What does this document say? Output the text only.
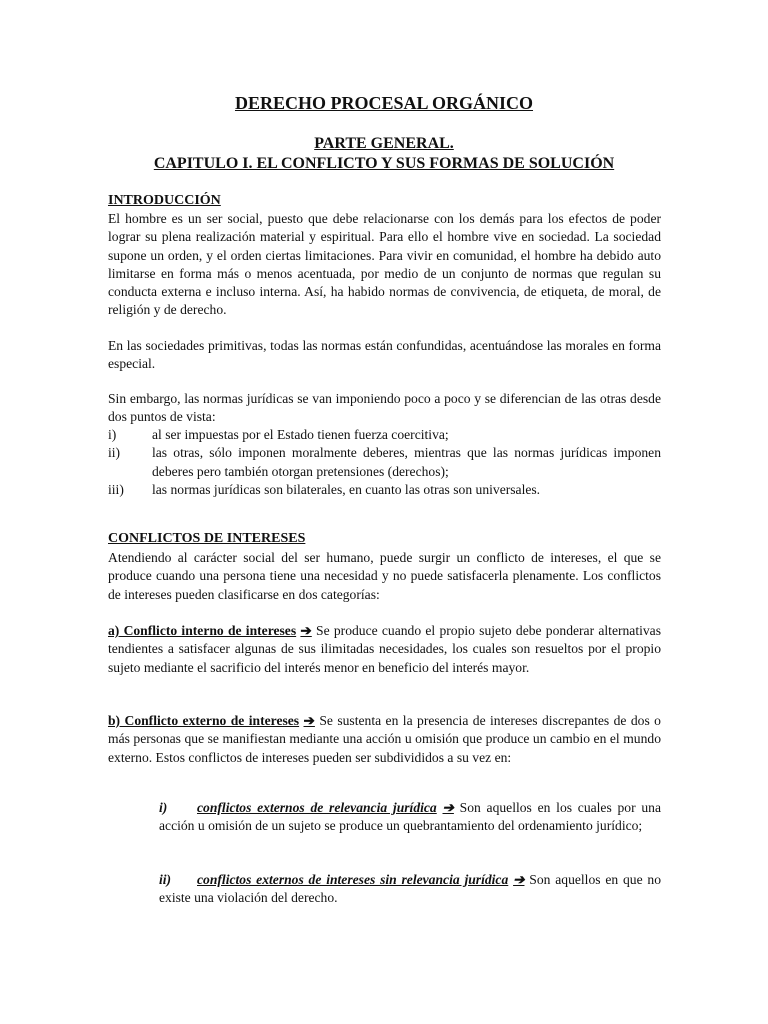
DERECHO PROCESAL ORGÁNICO
PARTE GENERAL.
CAPITULO I. EL CONFLICTO Y SUS FORMAS DE SOLUCIÓN
INTRODUCCIÓN

El hombre es un ser social, puesto que debe relacionarse con los demás para los efectos de poder lograr su plena realización material y espiritual. Para ello el hombre vive en sociedad. La sociedad supone un orden, y el orden ciertas limitaciones. Para vivir en comunidad, el hombre ha debido auto limitarse en forma más o menos acentuada, por medio de un conjunto de normas que regulan su conducta externa e incluso interna. Así, ha habido normas de convivencia, de etiqueta, de moral, de religión y de derecho.

En las sociedades primitivas, todas las normas están confundidas, acentuándose las morales en forma especial.

Sin embargo, las normas jurídicas se van imponiendo poco a poco y se diferencian de las otras desde dos puntos de vista:

i)	al ser impuestas por el Estado tienen fuerza coercitiva;
ii)	las otras, sólo imponen moralmente deberes, mientras que las normas jurídicas imponen deberes pero también otorgan pretensiones (derechos);
iii)	las normas jurídicas son bilaterales, en cuanto las otras son universales.
CONFLICTOS DE INTERESES

Atendiendo al carácter social del ser humano, puede surgir un conflicto de intereses, el que se produce cuando una persona tiene una necesidad y no puede satisfacerla plenamente. Los conflictos de intereses pueden clasificarse en dos categorías:

a) Conflicto interno de intereses ➔ Se produce cuando el propio sujeto debe ponderar alternativas tendientes a satisfacer algunas de sus ilimitadas necesidades, los cuales son resueltos por el propio sujeto mediante el sacrificio del interés menor en beneficio del interés mayor.

b) Conflicto externo de intereses ➔ Se sustenta en la presencia de intereses discrepantes de dos o más personas que se manifiestan mediante una acción u omisión que produce un cambio en el mundo externo. Estos conflictos de intereses pueden ser subdivididos a su vez en:

i) conflictos externos de relevancia jurídica ➔ Son aquellos en los cuales por una acción u omisión de un sujeto se produce un quebrantamiento del ordenamiento jurídico;

ii) conflictos externos de intereses sin relevancia jurídica ➔ Son aquellos en que no existe una violación del derecho.
